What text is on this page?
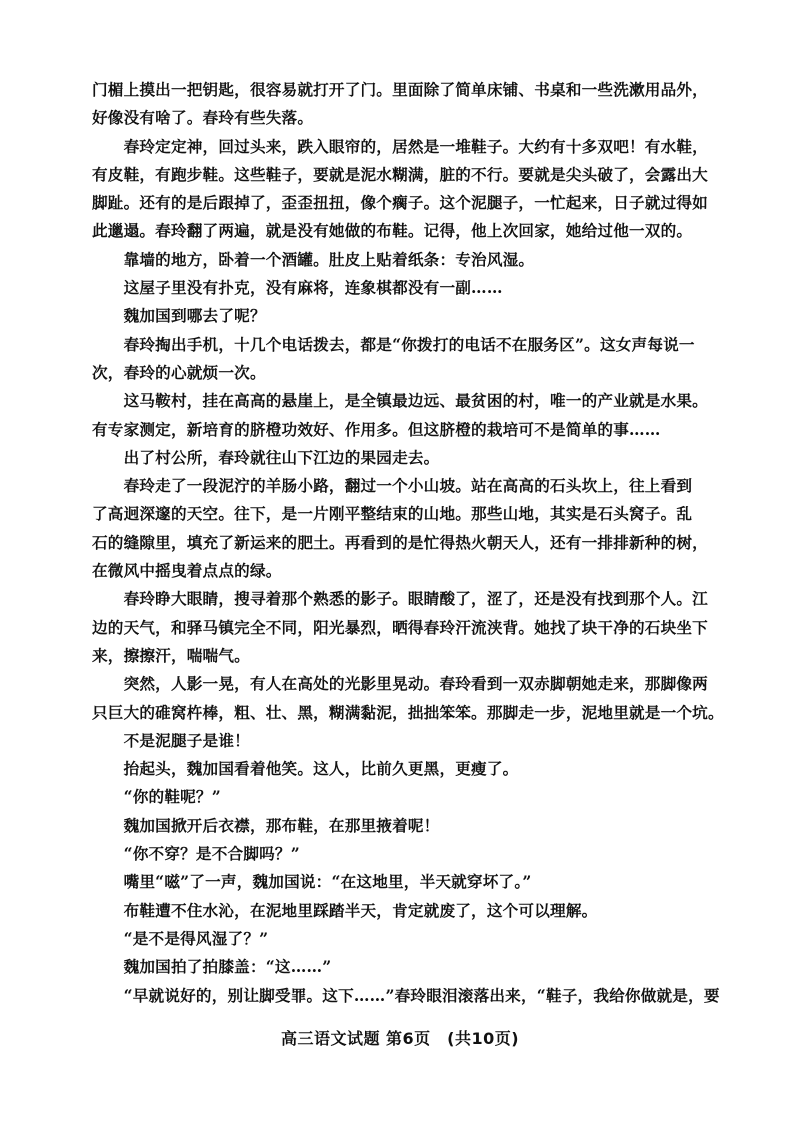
门楣上摸出一把钥匙，很容易就打开了门。里面除了简单床铺、书桌和一些洗漱用品外，
好像没有啥了。春玲有些失落。
　　春玲定定神，回过头来，跌入眼帘的，居然是一堆鞋子。大约有十多双吧！有水鞋，
有皮鞋，有跑步鞋。这些鞋子，要就是泥水糊满，脏的不行。要就是尖头破了，会露出大
脚趾。还有的是后跟掉了，歪歪扭扭，像个瘸子。这个泥腿子，一忙起来，日子就过得如
此邋遢。春玲翻了两遍，就是没有她做的布鞋。记得，他上次回家，她给过他一双的。
　　靠墙的地方，卧着一个酒罐。肚皮上贴着纸条：专治风湿。
　　这屋子里没有扑克，没有麻将，连象棋都没有一副……
　　魏加国到哪去了呢？
　　春玲掏出手机，十几个电话拨去，都是“你拨打的电话不在服务区”。这女声每说一
次，春玲的心就烦一次。
　　这马鞍村，挂在高高的悬崖上，是全镇最边远、最贫困的村，唯一的产业就是水果。
有专家测定，新培育的脐橙功效好、作用多。但这脐橙的栽培可不是简单的事……
　　出了村公所，春玲就往山下江边的果园走去。
　　春玲走了一段泥泞的羊肠小路，翻过一个小山坡。站在高高的石头坎上，往上看到
了高迥深邃的天空。往下，是一片刚平整结束的山地。那些山地，其实是石头窝子。乱
石的缝隙里，填充了新运来的肥土。再看到的是忙得热火朝天人，还有一排排新种的树，
在微风中摇曳着点点的绿。
　　春玲睁大眼睛，搜寻着那个熟悉的影子。眼睛酸了，涩了，还是没有找到那个人。江
边的天气，和驿马镇完全不同，阳光暴烈，晒得春玲汗流浃背。她找了块干净的石块坐下
来，擦擦汗，喘喘气。
　　突然，人影一晃，有人在高处的光影里晃动。春玲看到一双赤脚朝她走来，那脚像两
只巨大的碓窝杵棒，粗、壮、黑，糊满黏泥，拙拙笨笨。那脚走一步，泥地里就是一个坑。
　　不是泥腿子是谁！
　　抬起头，魏加国看着他笑。这人，比前久更黑，更瘦了。
　　“你的鞋呢？”
　　魏加国掀开后衣襟，那布鞋，在那里掖着呢！
　　“你不穿？是不合脚吗？”
　　嘴里“嗞”了一声，魏加国说：“在这地里，半天就穿坏了。”
　　布鞋遭不住水沁，在泥地里踩踏半天，肯定就废了，这个可以理解。
　　“是不是得风湿了？”
　　魏加国拍了拍膝盖：“这……”
　　“早就说好的，别让脚受罪。这下……”春玲眼泪滚落出来，“鞋子，我给你做就是，要
高三语文试题 第6页　(共10页)
